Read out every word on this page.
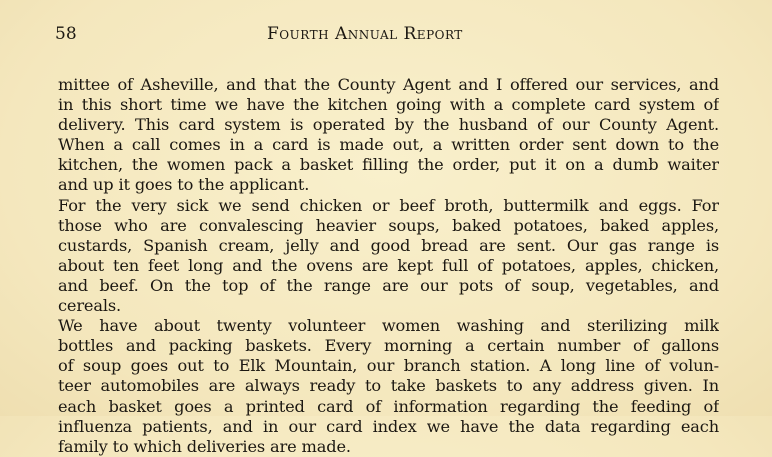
58	Fourth Annual Report
mittee of Asheville, and that the County Agent and I offered our services, and
in this short time we have the kitchen going with a complete card system of
delivery. This card system is operated by the husband of our County Agent.
When a call comes in a card is made out, a written order sent down to the
kitchen, the women pack a basket filling the order, put it on a dumb waiter
and up it goes to the applicant.
For the very sick we send chicken or beef broth, buttermilk and eggs. For
those who are convalescing heavier soups, baked potatoes, baked apples,
custards, Spanish cream, jelly and good bread are sent. Our gas range is
about ten feet long and the ovens are kept full of potatoes, apples, chicken,
and beef. On the top of the range are our pots of soup, vegetables, and
cereals.
We have about twenty volunteer women washing and sterilizing milk
bottles and packing baskets. Every morning a certain number of gallons
of soup goes out to Elk Mountain, our branch station. A long line of volun-
teer automobiles are always ready to take baskets to any address given. In
each basket goes a printed card of information regarding the feeding of
influenza patients, and in our card index we have the data regarding each
family to which deliveries are made.
